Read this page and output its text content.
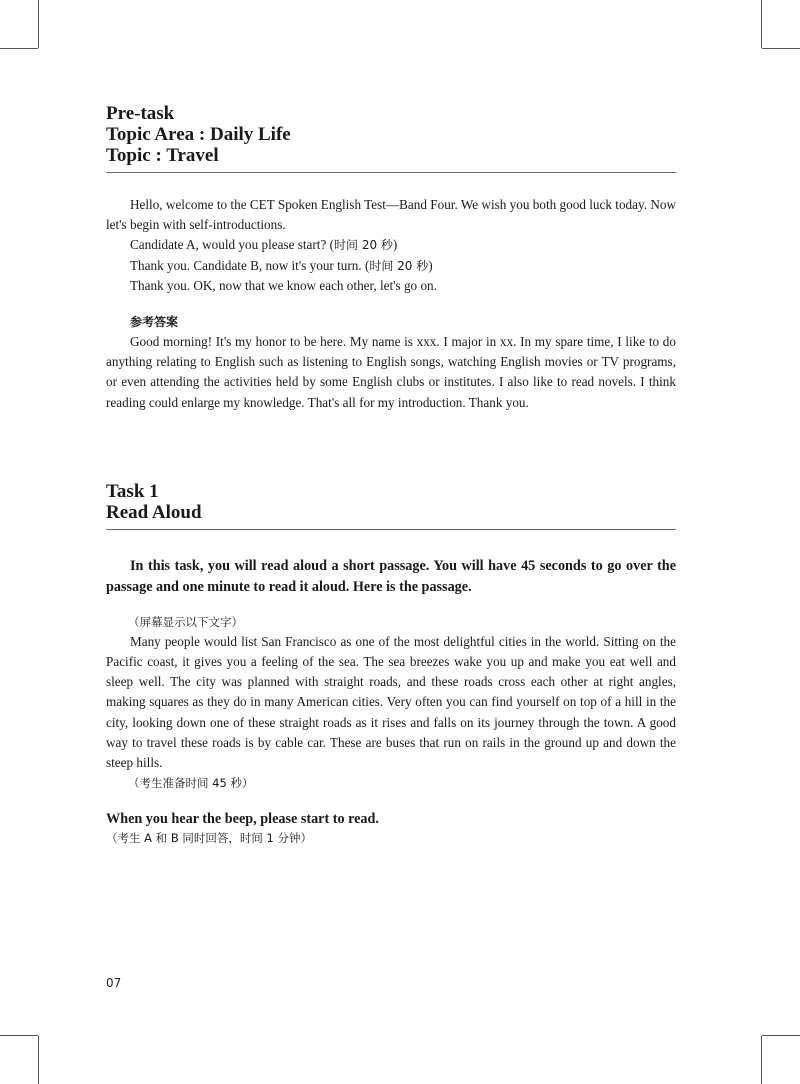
Pre-task

Topic Area : Daily Life

Topic : Travel

Hello, welcome to the CET Spoken English Test—Band Four. We wish you both good luck today. Now let's begin with self-introductions.

Candidate A, would you please start? (时间 20 秒)

Thank you. Candidate B, now it's your turn. (时间 20 秒)

Thank you. OK, now that we know each other, let's go on.

参考答案

Good morning! It's my honor to be here. My name is xxx. I major in xx. In my spare time, I like to do anything relating to English such as listening to English songs, watching English movies or TV programs, or even attending the activities held by some English clubs or institutes. I also like to read novels. I think reading could enlarge my knowledge. That's all for my introduction. Thank you.

Task 1

Read Aloud

In this task, you will read aloud a short passage. You will have 45 seconds to go over the passage and one minute to read it aloud. Here is the passage.

（屏幕显示以下文字）

Many people would list San Francisco as one of the most delightful cities in the world. Sitting on the Pacific coast, it gives you a feeling of the sea. The sea breezes wake you up and make you eat well and sleep well. The city was planned with straight roads, and these roads cross each other at right angles, making squares as they do in many American cities. Very often you can find yourself on top of a hill in the city, looking down one of these straight roads as it rises and falls on its journey through the town. A good way to travel these roads is by cable car. These are buses that run on rails in the ground up and down the steep hills.

（考生准备时间 45 秒）

When you hear the beep, please start to read.

（考生 A 和 B 同时回答，时间 1 分钟）

07
